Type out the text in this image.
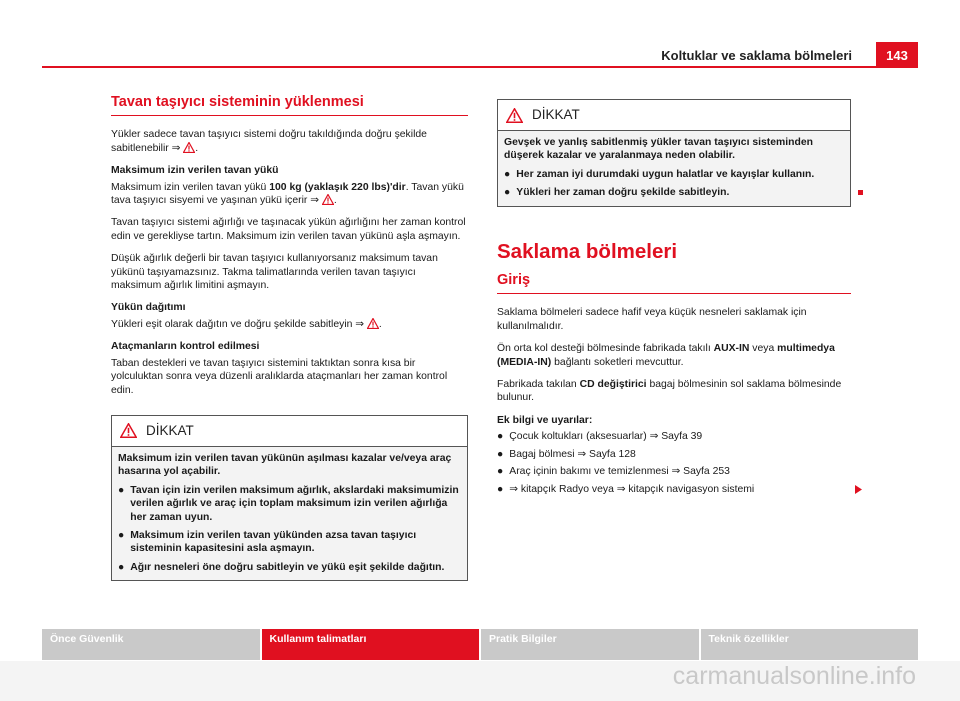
Koltuklar ve saklama bölmeleri	143
Tavan taşıyıcı sisteminin yüklenmesi

Yükler sadece tavan taşıyıcı sistemi doğru takıldığında doğru şekilde sabitlenebilir ⇒ .

Maksimum izin verilen tavan yükü

Maksimum izin verilen tavan yükü 100 kg (yaklaşık 220 lbs)'dir. Tavan yükü tava taşıyıcı sisyemi ve yaşınan yükü içerir ⇒ .

Tavan taşıyıcı sistemi ağırlığı ve taşınacak yükün ağırlığını her zaman kontrol edin ve gerekliyse tartın. Maksimum izin verilen tavan yükünü aşla aşmayın.

Düşük ağırlık değerli bir tavan taşıyıcı kullanıyorsanız maksimum tavan yükünü taşıyamazsınız. Takma talimatlarında verilen tavan taşıyıcı maksimum ağırlık limitini aşmayın.

Yükün dağıtımı

Yükleri eşit olarak dağıtın ve doğru şekilde sabitleyin ⇒ .

Ataçmanların kontrol edilmesi

Taban destekleri ve tavan taşıyıcı sistemini taktıktan sonra kısa bir yolculuktan sonra veya düzenli aralıklarda ataçmanları her zaman kontrol edin.

DİKKAT

Maksimum izin verilen tavan yükünün aşılması kazalar ve/veya araç hasarına yol açabilir.

● Tavan için izin verilen maksimum ağırlık, akslardaki maksimumizin verilen ağırlık ve araç için toplam maksimum izin verilen ağırlığa her zaman uyun.

● Maksimum izin verilen tavan yükünden azsa tavan taşıyıcı sisteminin kapasitesini asla aşmayın.

● Ağır nesneleri öne doğru sabitleyin ve yükü eşit şekilde dağıtın.

DİKKAT

Gevşek ve yanlış sabitlenmiş yükler tavan taşıyıcı sisteminden düşerek kazalar ve yaralanmaya neden olabilir.

● Her zaman iyi durumdaki uygun halatlar ve kayışlar kullanın.

● Yükleri her zaman doğru şekilde sabitleyin.

Saklama bölmeleri
Giriş

Saklama bölmeleri sadece hafif veya küçük nesneleri saklamak için kullanılmalıdır.

Ön orta kol desteği bölmesinde fabrikada takılı AUX-IN veya multimedya (MEDIA-IN) bağlantı soketleri mevcuttur.

Fabrikada takılan CD değiştirici bagaj bölmesinin sol saklama bölmesinde bulunur.

Ek bilgi ve uyarılar:

● Çocuk koltukları (aksesuarlar) ⇒ Sayfa 39

● Bagaj bölmesi ⇒ Sayfa 128

● Araç içinin bakımı ve temizlenmesi ⇒ Sayfa 253

● ⇒ kitapçık Radyo veya ⇒ kitapçık navigasyon sistemi

Önce Güvenlik	Kullanım talimatları	Pratik Bilgiler	Teknik özellikler
carmanualsonline.info
